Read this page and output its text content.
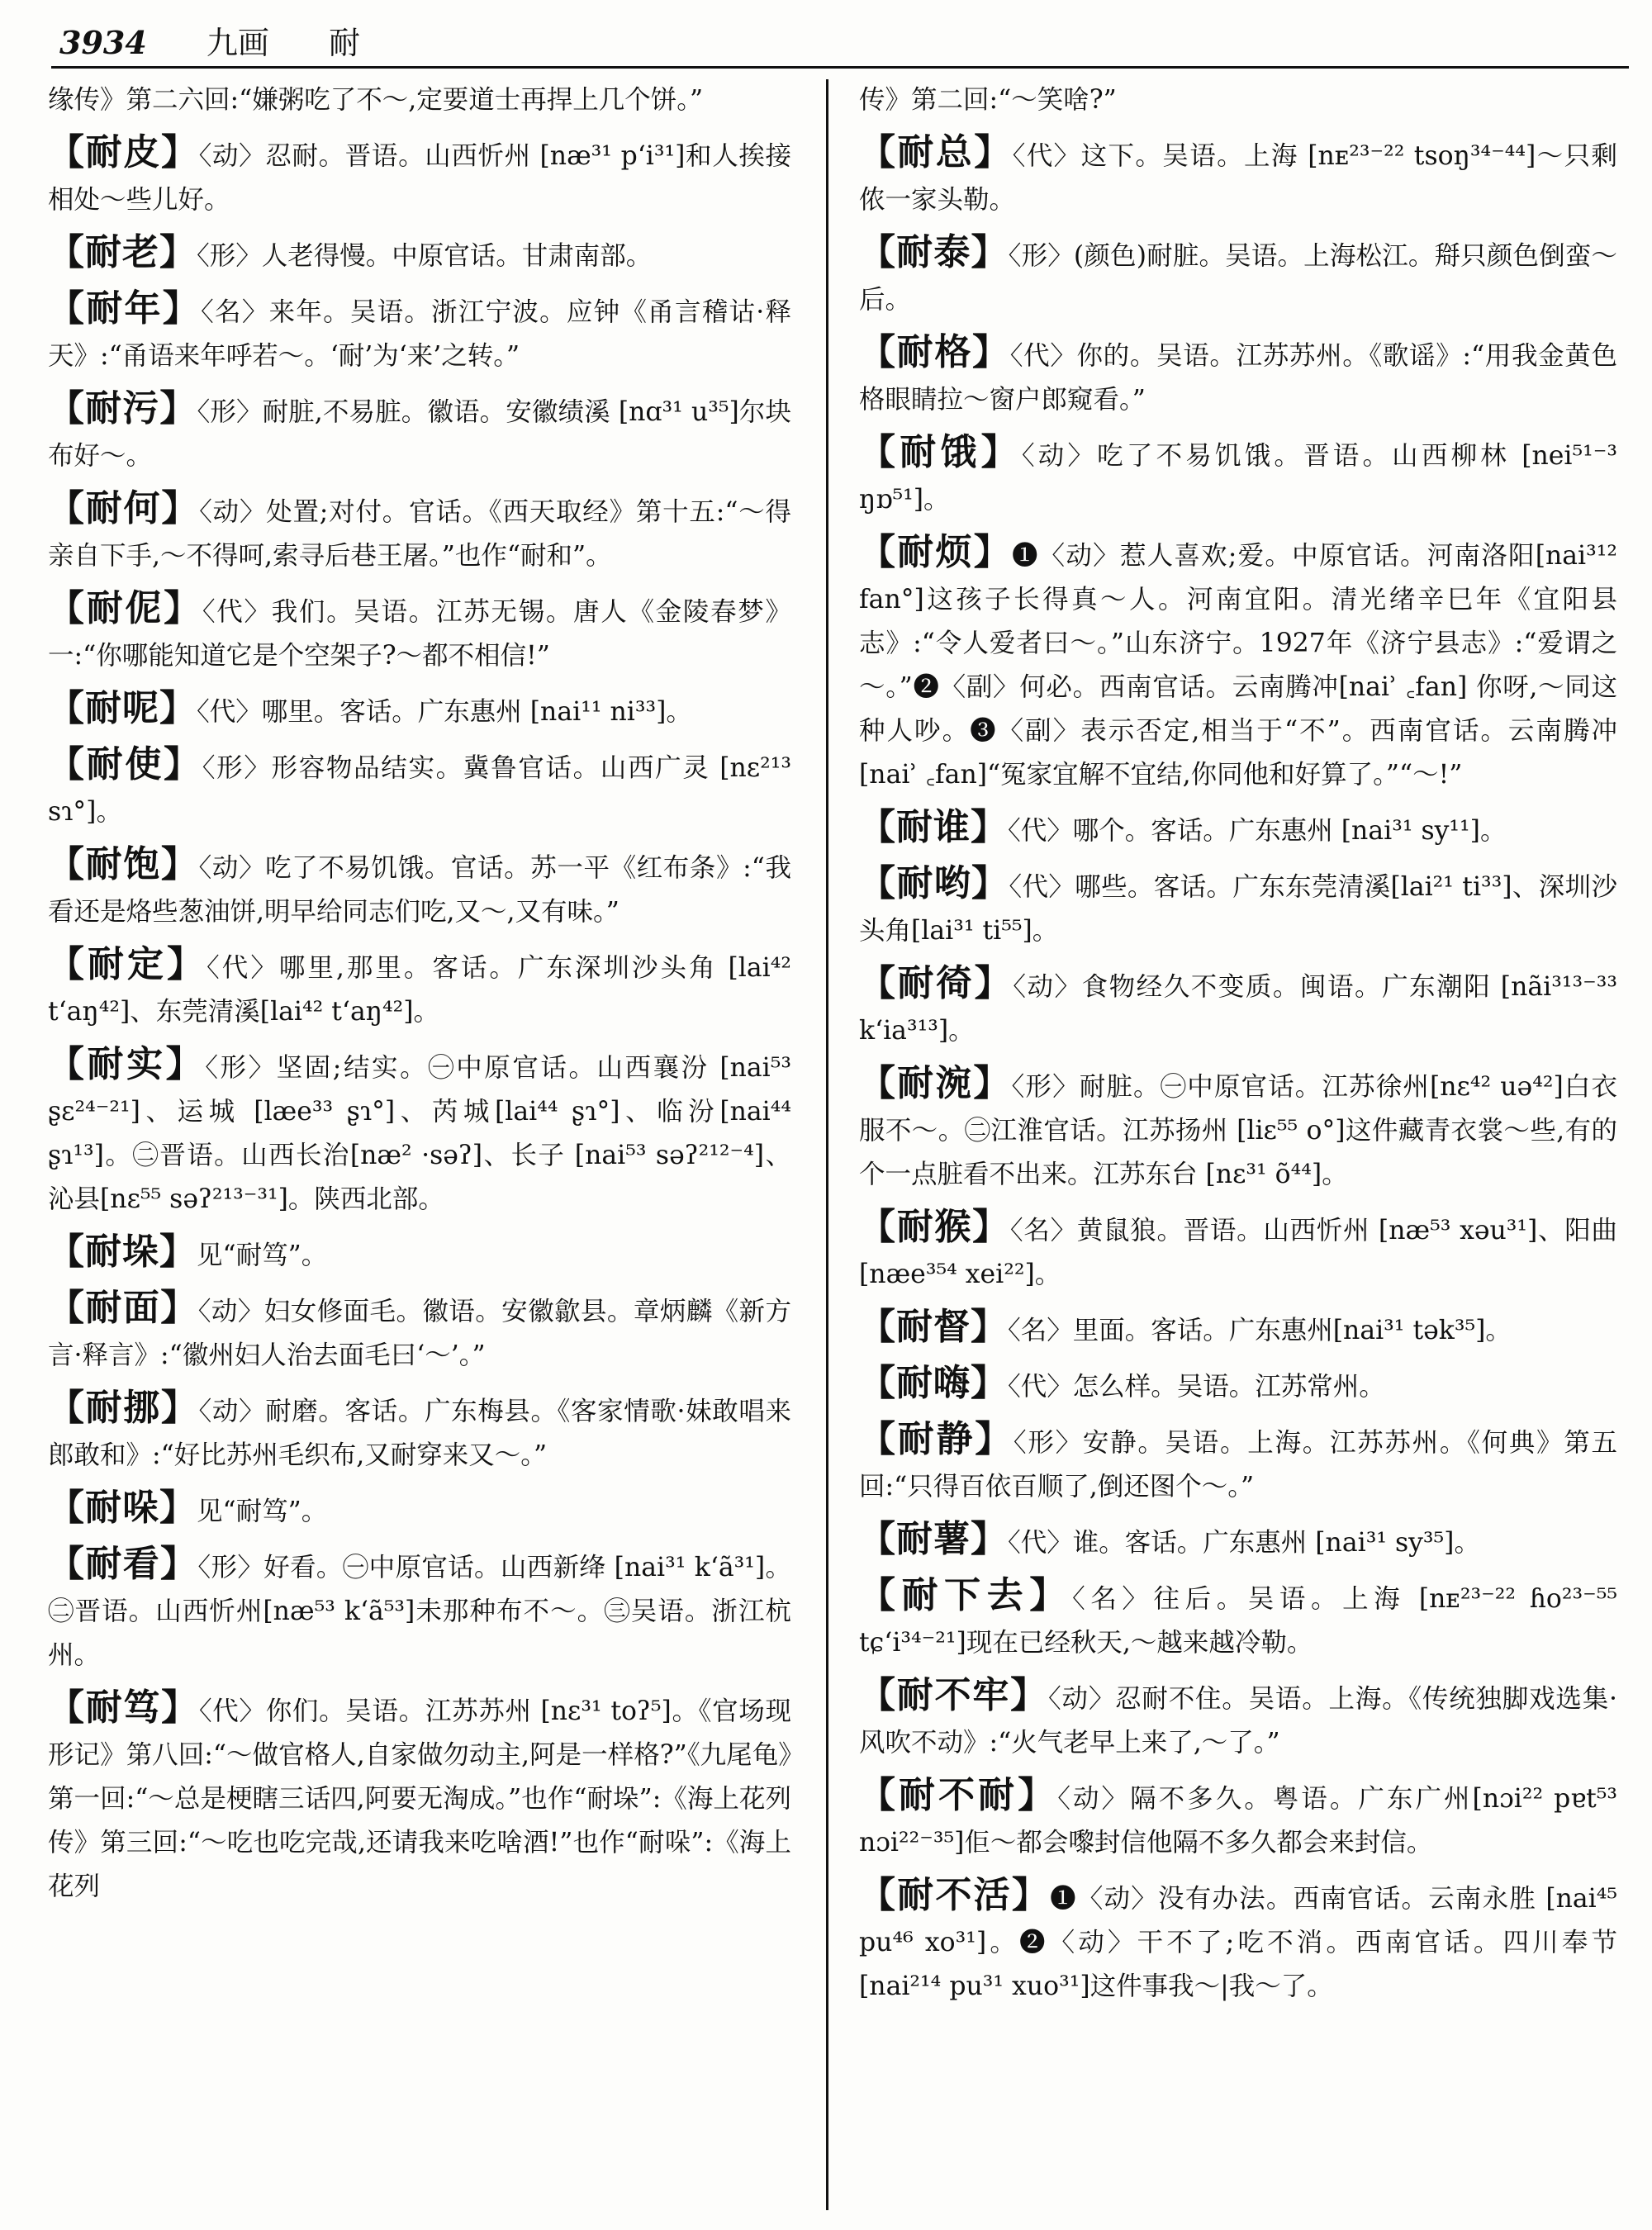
3934 九画 耐
缘传》第二六回:“嫌粥吃了不～,定要道士再捍上几个饼。”
【耐皮】〈动〉忍耐。晋语。山西忻州 [næ³¹ p‘i³¹]和人挨接相处～些儿好。
【耐老】〈形〉人老得慢。中原官话。甘肃南部。
【耐年】〈名〉来年。吴语。浙江宁波。应钟《甬言稽诂·释天》:“甬语来年呼若～。‘耐’为‘来’之转。”
【耐污】〈形〉耐脏,不易脏。徽语。安徽绩溪 [nɑ³¹ u³⁵]尔块布好～。
【耐何】〈动〉处置;对付。官话。《西天取经》第十五:“～得亲自下手,～不得呵,索寻后巷王屠。”也作“耐和”。
【耐伲】〈代〉我们。吴语。江苏无锡。唐人《金陵春梦》一:“你哪能知道它是个空架子?～都不相信!”
【耐呢】〈代〉哪里。客话。广东惠州 [nai¹¹ ni³³]。
【耐使】〈形〉形容物品结实。冀鲁官话。山西广灵 [nɛ²¹³ sɿ°]。
【耐饱】〈动〉吃了不易饥饿。官话。苏一平《红布条》:“我看还是烙些葱油饼,明早给同志们吃,又～,又有味。”
【耐定】〈代〉哪里,那里。客话。广东深圳沙头角 [lai⁴² t‘aŋ⁴²]、东莞清溪[lai⁴² t‘aŋ⁴²]。
【耐实】〈形〉坚固;结实。㊀中原官话。山西襄汾 [nai⁵³ ʂɛ²⁴⁻²¹]、运城 [læe³³ ʂɿ°]、芮城[lai⁴⁴ ʂɿ°]、临汾[nai⁴⁴ ʂɿ¹³]。㊁晋语。山西长治[næ² ·səʔ]、长子 [nai⁵³ səʔ²¹²⁻⁴]、沁县[nɛ⁵⁵ səʔ²¹³⁻³¹]。陕西北部。
【耐垛】见“耐笃”。
【耐面】〈动〉妇女修面毛。徽语。安徽歙县。章炳麟《新方言·释言》:“徽州妇人治去面毛曰‘～’。”
【耐挪】〈动〉耐磨。客话。广东梅县。《客家情歌·妹敢唱来郎敢和》:“好比苏州毛织布,又耐穿来又～。”
【耐哚】见“耐笃”。
【耐看】〈形〉好看。㊀中原官话。山西新绛 [nai³¹ k‘ã³¹]。㊁晋语。山西忻州[næ⁵³ k‘ã⁵³]未那种布不～。㊂吴语。浙江杭州。
【耐笃】〈代〉你们。吴语。江苏苏州 [nɛ³¹ toʔ⁵]。《官场现形记》第八回:“～做官格人,自家做勿动主,阿是一样格?”《九尾龟》第一回:“～总是梗瞎三话四,阿要无淘成。”也作“耐垛”:《海上花列传》第三回:“～吃也吃完哉,还请我来吃啥酒!”也作“耐哚”:《海上花列
传》第二回:“～笑啥?”
【耐总】〈代〉这下。吴语。上海 [nᴇ²³⁻²² tsoŋ³⁴⁻⁴⁴]～只剩侬一家头勒。
【耐泰】〈形〉(颜色)耐脏。吴语。上海松江。搿只颜色倒蛮～后。
【耐格】〈代〉你的。吴语。江苏苏州。《歌谣》:“用我金黄色格眼睛拉～窗户郎窥看。”
【耐饿】〈动〉吃了不易饥饿。晋语。山西柳林 [nei⁵¹⁻³ ŋɒ⁵¹]。
【耐烦】❶〈动〉惹人喜欢;爱。中原官话。河南洛阳[nai³¹² fan°]这孩子长得真～人。河南宜阳。清光绪辛巳年《宜阳县志》:“令人爱者曰～。”山东济宁。1927年《济宁县志》:“爱谓之～。”❷〈副〉何必。西南官话。云南腾冲[naiʾ ꜀fan] 你呀,～同这种人吵。❸〈副〉表示否定,相当于“不”。西南官话。云南腾冲 [naiʾ ꜀fan]“冤家宜解不宜结,你同他和好算了。”“～!”
【耐谁】〈代〉哪个。客话。广东惠州 [nai³¹ sy¹¹]。
【耐哟】〈代〉哪些。客话。广东东莞清溪[lai²¹ ti³³]、深圳沙头角[lai³¹ ti⁵⁵]。
【耐徛】〈动〉食物经久不变质。闽语。广东潮阳 [nãi³¹³⁻³³ k‘ia³¹³]。
【耐涴】〈形〉耐脏。㊀中原官话。江苏徐州[nɛ⁴² uə⁴²]白衣服不～。㊁江淮官话。江苏扬州 [liɛ⁵⁵ o°]这件藏青衣裳～些,有的个一点脏看不出来。江苏东台 [nɛ³¹ õ⁴⁴]。
【耐猴】〈名〉黄鼠狼。晋语。山西忻州 [næ⁵³ xəu³¹]、阳曲[næe³⁵⁴ xei²²]。
【耐督】〈名〉里面。客话。广东惠州[nai³¹ tək³⁵]。
【耐嗨】〈代〉怎么样。吴语。江苏常州。
【耐静】〈形〉安静。吴语。上海。江苏苏州。《何典》第五回:“只得百依百顺了,倒还图个～。”
【耐薯】〈代〉谁。客话。广东惠州 [nai³¹ sy³⁵]。
【耐下去】〈名〉往后。吴语。上海 [nᴇ²³⁻²² ɦo²³⁻⁵⁵ tɕ‘i³⁴⁻²¹]现在已经秋天,～越来越冷勒。
【耐不牢】〈动〉忍耐不住。吴语。上海。《传统独脚戏选集·风吹不动》:“火气老早上来了,～了。”
【耐不耐】〈动〉隔不多久。粤语。广东广州[nɔi²² pɐt⁵³ nɔi²²⁻³⁵]佢～都会嚟封信他隔不多久都会来封信。
【耐不活】❶〈动〉没有办法。西南官话。云南永胜 [nai⁴⁵ pu⁴⁶ xo³¹]。❷〈动〉干不了;吃不消。西南官话。四川奉节[nai²¹⁴ pu³¹ xuo³¹]这件事我～|我～了。
